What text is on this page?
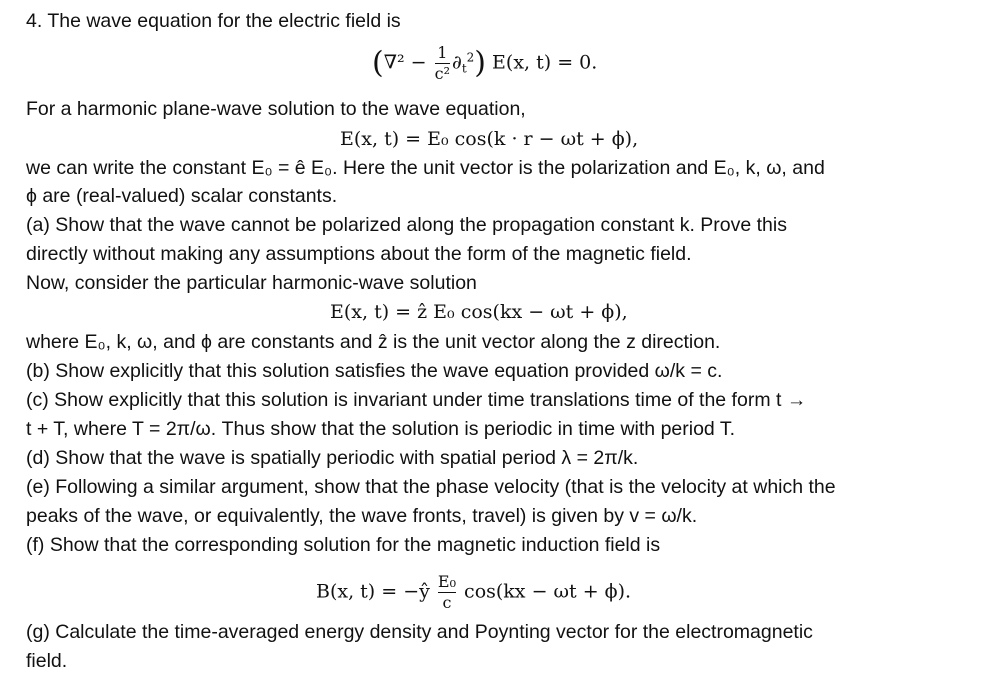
4. The wave equation for the electric field is
$(\nabla^2 - \frac{1}{\text{c²}} \partial_t^2)$ E(x, t) = 0.
For a harmonic plane-wave solution to the wave equation,
E(x, t) = E₀ cos(k · r − ωt + ϕ),
we can write the constant E₀ = ê E₀. Here the unit vector is the polarization and E₀, k, ω, and
ϕ are (real-valued) scalar constants.
(a) Show that the wave cannot be polarized along the propagation constant k. Prove this
directly without making any assumptions about the form of the magnetic field.
Now, consider the particular harmonic-wave solution
E(x, t) = ẑ E₀ cos(kx − ωt + ϕ),
where E₀, k, ω, and ϕ are constants and ẑ is the unit vector along the z direction.
(b) Show explicitly that this solution satisfies the wave equation provided ω/k = c.
(c) Show explicitly that this solution is invariant under time translations time of the form t →
t + T, where T = 2π/ω. Thus show that the solution is periodic in time with period T.
(d) Show that the wave is spatially periodic with spatial period λ = 2π/k.
(e) Following a similar argument, show that the phase velocity (that is the velocity at which the
peaks of the wave, or equivalently, the wave fronts, travel) is given by v = ω/k.
(f) Show that the corresponding solution for the magnetic induction field is
B(x, t) = −ŷ $\frac{\text{E₀}}{c} \cos(kx - \omega t + \phi)$.
(g) Calculate the time-averaged energy density and Poynting vector for the electromagnetic
field.
